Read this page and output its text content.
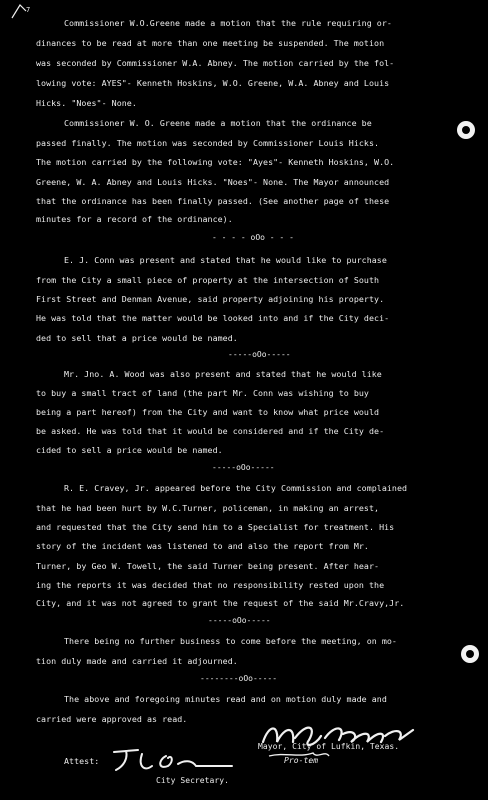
7
Commissioner W.O.Greene made a motion that the rule requiring or-
dinances to be read at more than one meeting be suspended. The motion
was seconded by Commissioner W.A. Abney. The motion carried by the fol-
lowing vote: AYES"- Kenneth Hoskins, W.O. Greene, W.A. Abney and Louis
Hicks. "Noes"- None.
Commissioner W. O. Greene made a motion that the ordinance be
passed finally. The motion was seconded by Commissioner Louis Hicks.
The motion carried by the following vote: "Ayes"- Kenneth Hoskins, W.O.
Greene, W. A. Abney and Louis Hicks. "Noes"- None. The Mayor announced
that the ordinance has been finally passed. (See another page of these
minutes for a record of the ordinance).
- - - - oOo - - -
E. J. Conn was present and stated that he would like to purchase
from the City a small piece of property at the intersection of South
First Street and Denman Avenue, said property adjoining his property.
He was told that the matter would be looked into and if the City deci-
ded to sell that a price would be named.
-----oOo-----
Mr. Jno. A. Wood was also present and stated that he would like
to buy a small tract of land (the part Mr. Conn was wishing to buy
being a part hereof) from the City and want to know what price would
be asked. He was told that it would be considered and if the City de-
cided to sell a price would be named.
-----oOo-----
R. E. Cravey, Jr. appeared before the City Commission and complained
that he had been hurt by W.C.Turner, policeman, in making an arrest,
and requested that the City send him to a Specialist for treatment. His
story of the incident was listened to and also the report from Mr.
Turner, by Geo W. Towell, the said Turner being present. After hear-
ing the reports it was decided that no responsibility rested upon the
City, and it was not agreed to grant the request of the said Mr.Cravy,Jr.
-----oOo-----
There being no further business to come before the meeting, on mo-
tion duly made and carried it adjourned.
--------oOo-----
The above and foregoing minutes read and on motion duly made and
carried were approved as read.
Mayor, City of Lufkin, Texas.
Pro-tem
Attest:
City Secretary.
